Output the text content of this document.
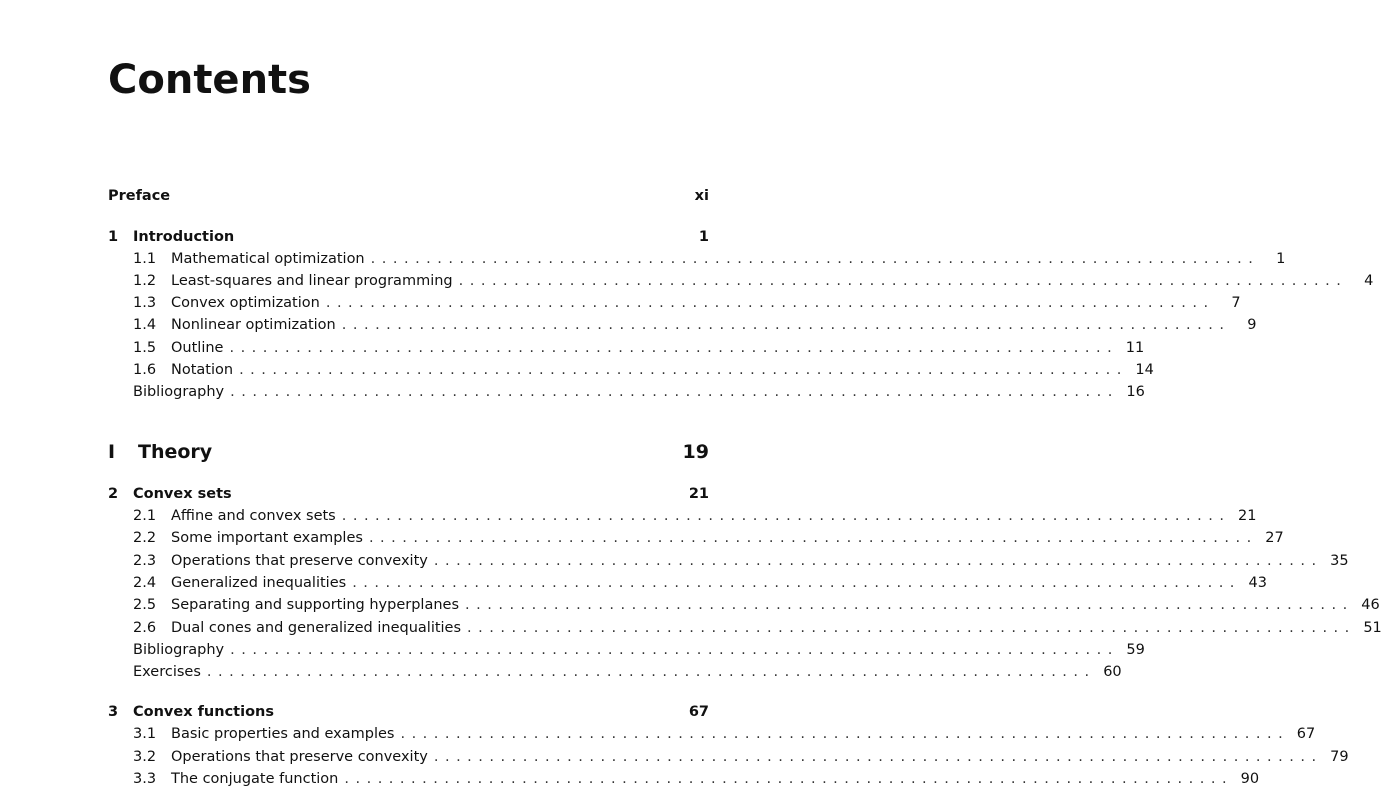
Contents
Preface	xi
1	Introduction	1
1.1	Mathematical optimization ................................................................................	1
1.2	Least-squares and linear programming ................................................................................	4
1.3	Convex optimization ................................................................................	7
1.4	Nonlinear optimization ................................................................................	9
1.5	Outline ................................................................................ 11
1.6	Notation ................................................................................ 14
Bibliography ................................................................................ 16
I	Theory	19
2	Convex sets	21
2.1	Affine and convex sets ................................................................................ 21
2.2	Some important examples ................................................................................ 27
2.3	Operations that preserve convexity ................................................................................ 35
2.4	Generalized inequalities ................................................................................ 43
2.5	Separating and supporting hyperplanes ................................................................................ 46
2.6	Dual cones and generalized inequalities ................................................................................ 51
Bibliography ................................................................................ 59
Exercises ................................................................................ 60
3	Convex functions	67
3.1	Basic properties and examples ................................................................................ 67
3.2	Operations that preserve convexity ................................................................................ 79
3.3	The conjugate function ................................................................................ 90
